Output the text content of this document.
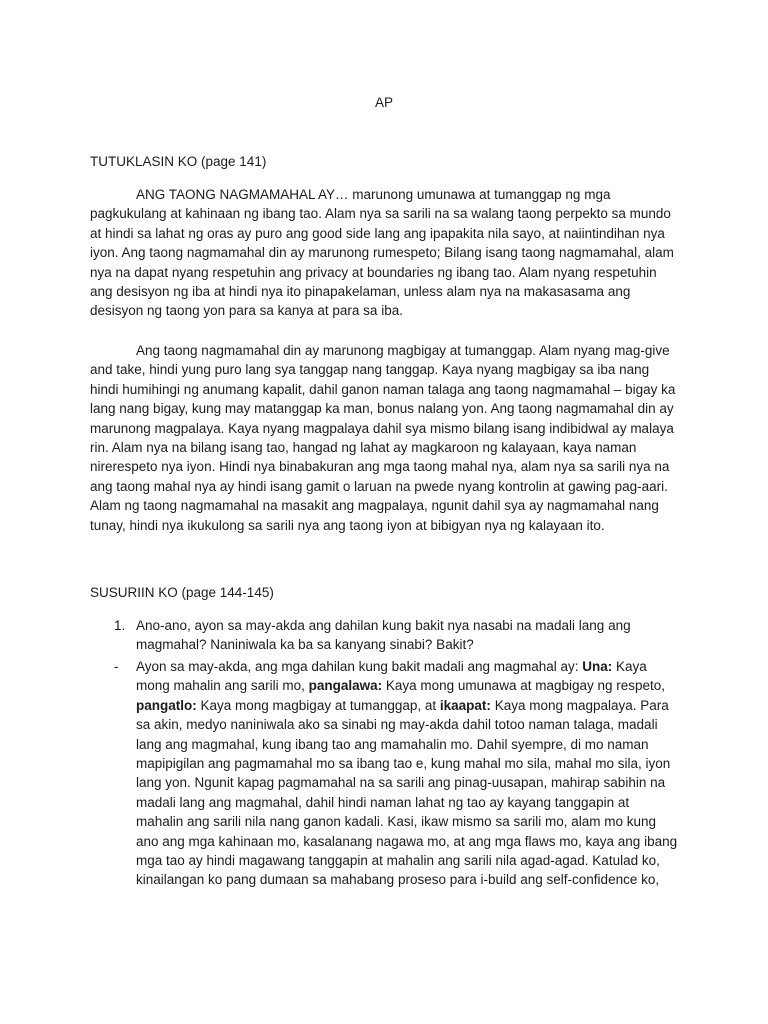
AP
TUTUKLASIN KO (page 141)

ANG TAONG NAGMAMAHAL AY… marunong umunawa at tumanggap ng mga pagkukulang at kahinaan ng ibang tao. Alam nya sa sarili na sa walang taong perpekto sa mundo at hindi sa lahat ng oras ay puro ang good side lang ang ipapakita nila sayo, at naiintindihan nya iyon. Ang taong nagmamahal din ay marunong rumespeto; Bilang isang taong nagmamahal, alam nya na dapat nyang respetuhin ang privacy at boundaries ng ibang tao. Alam nyang respetuhin ang desisyon ng iba at hindi nya ito pinapakelaman, unless alam nya na makasasama ang desisyon ng taong yon para sa kanya at para sa iba.

Ang taong nagmamahal din ay marunong magbigay at tumanggap. Alam nyang mag-give and take, hindi yung puro lang sya tanggap nang tanggap. Kaya nyang magbigay sa iba nang hindi humihingi ng anumang kapalit, dahil ganon naman talaga ang taong nagmamahal – bigay ka lang nang bigay, kung may matanggap ka man, bonus nalang yon. Ang taong nagmamahal din ay marunong magpalaya. Kaya nyang magpalaya dahil sya mismo bilang isang indibidwal ay malaya rin. Alam nya na bilang isang tao, hangad ng lahat ay magkaroon ng kalayaan, kaya naman nirerespeto nya iyon. Hindi nya binabakuran ang mga taong mahal nya, alam nya sa sarili nya na ang taong mahal nya ay hindi isang gamit o laruan na pwede nyang kontrolin at gawing pag-aari. Alam ng taong nagmamahal na masakit ang magpalaya, ngunit dahil sya ay nagmamahal nang tunay, hindi nya ikukulong sa sarili nya ang taong iyon at bibigyan nya ng kalayaan ito.

SUSURIIN KO (page 144-145)
1. Ano-ano, ayon sa may-akda ang dahilan kung bakit nya nasabi na madali lang ang magmahal? Naniniwala ka ba sa kanyang sinabi? Bakit?
- Ayon sa may-akda, ang mga dahilan kung bakit madali ang magmahal ay: Una: Kaya mong mahalin ang sarili mo, pangalawa: Kaya mong umunawa at magbigay ng respeto, pangatlo: Kaya mong magbigay at tumanggap, at ikaapat: Kaya mong magpalaya. Para sa akin, medyo naniniwala ako sa sinabi ng may-akda dahil totoo naman talaga, madali lang ang magmahal, kung ibang tao ang mamahalin mo. Dahil syempre, di mo naman mapipigilan ang pagmamahal mo sa ibang tao e, kung mahal mo sila, mahal mo sila, iyon lang yon. Ngunit kapag pagmamahal na sa sarili ang pinag-uusapan, mahirap sabihin na madali lang ang magmahal, dahil hindi naman lahat ng tao ay kayang tanggapin at mahalin ang sarili nila nang ganon kadali. Kasi, ikaw mismo sa sarili mo, alam mo kung ano ang mga kahinaan mo, kasalanang nagawa mo, at ang mga flaws mo, kaya ang ibang mga tao ay hindi magawang tanggapin at mahalin ang sarili nila agad-agad. Katulad ko, kinailangan ko pang dumaan sa mahabang proseso para i-build ang self-confidence ko,
